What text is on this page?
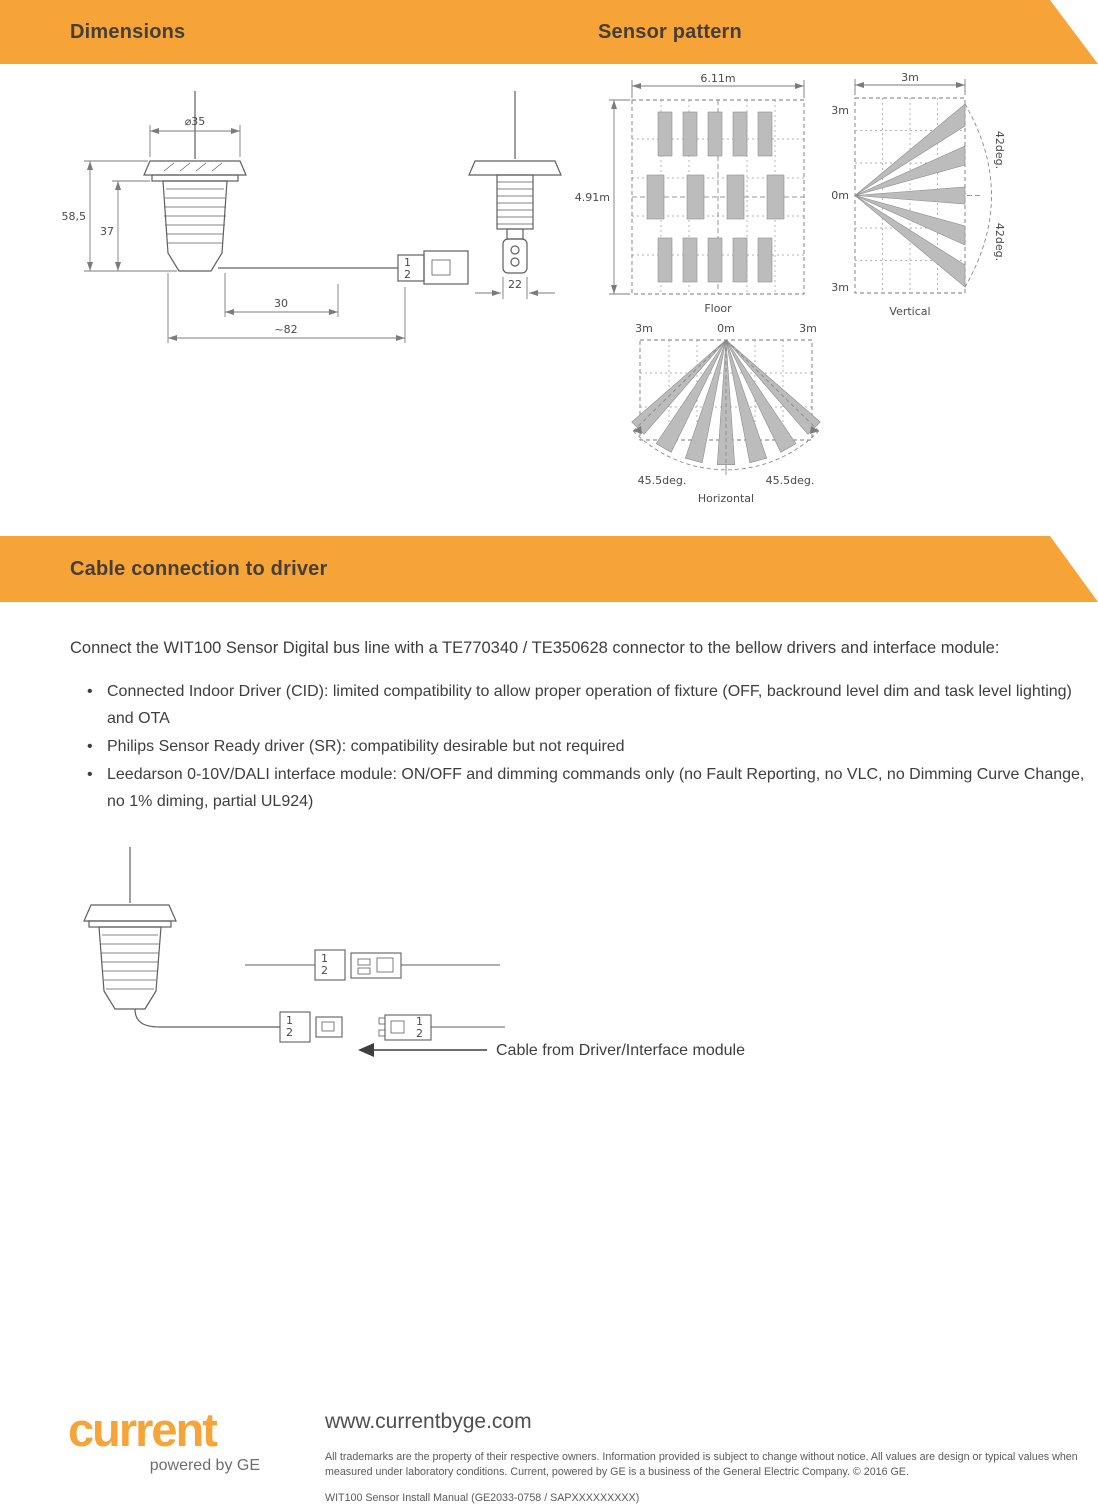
Dimensions	Sensor pattern
1
2
⌀35
58,5
37
30
~82
22
6.11m
4.91m
Floor
3m
3m
0m
3m
42deg.
42deg.
Vertical
3m	0m	3m
45.5deg.	45.5deg.
Horizontal
Cable connection to driver
Connect the WIT100 Sensor Digital bus line with a TE770340 / TE350628 connector to the bellow drivers and interface module:
• Connected Indoor Driver (CID): limited compatibility to allow proper operation of fixture (OFF, backround level dim and task level lighting) and OTA
• Philips Sensor Ready driver (SR): compatibility desirable but not required
• Leedarson 0-10V/DALI interface module: ON/OFF and dimming commands only (no Fault Reporting, no VLC, no Dimming Curve Change, no 1% diming, partial UL924)
1
2
1
2
1
2
Cable from Driver/Interface module
current
powered by GE
www.currentbyge.com
All trademarks are the property of their respective owners. Information provided is subject to change without notice. All values are design or typical values when measured under laboratory conditions. Current, powered by GE is a business of the General Electric Company. © 2016 GE.
WIT100 Sensor Install Manual (GE2033-0758 / SAPXXXXXXXXX)
